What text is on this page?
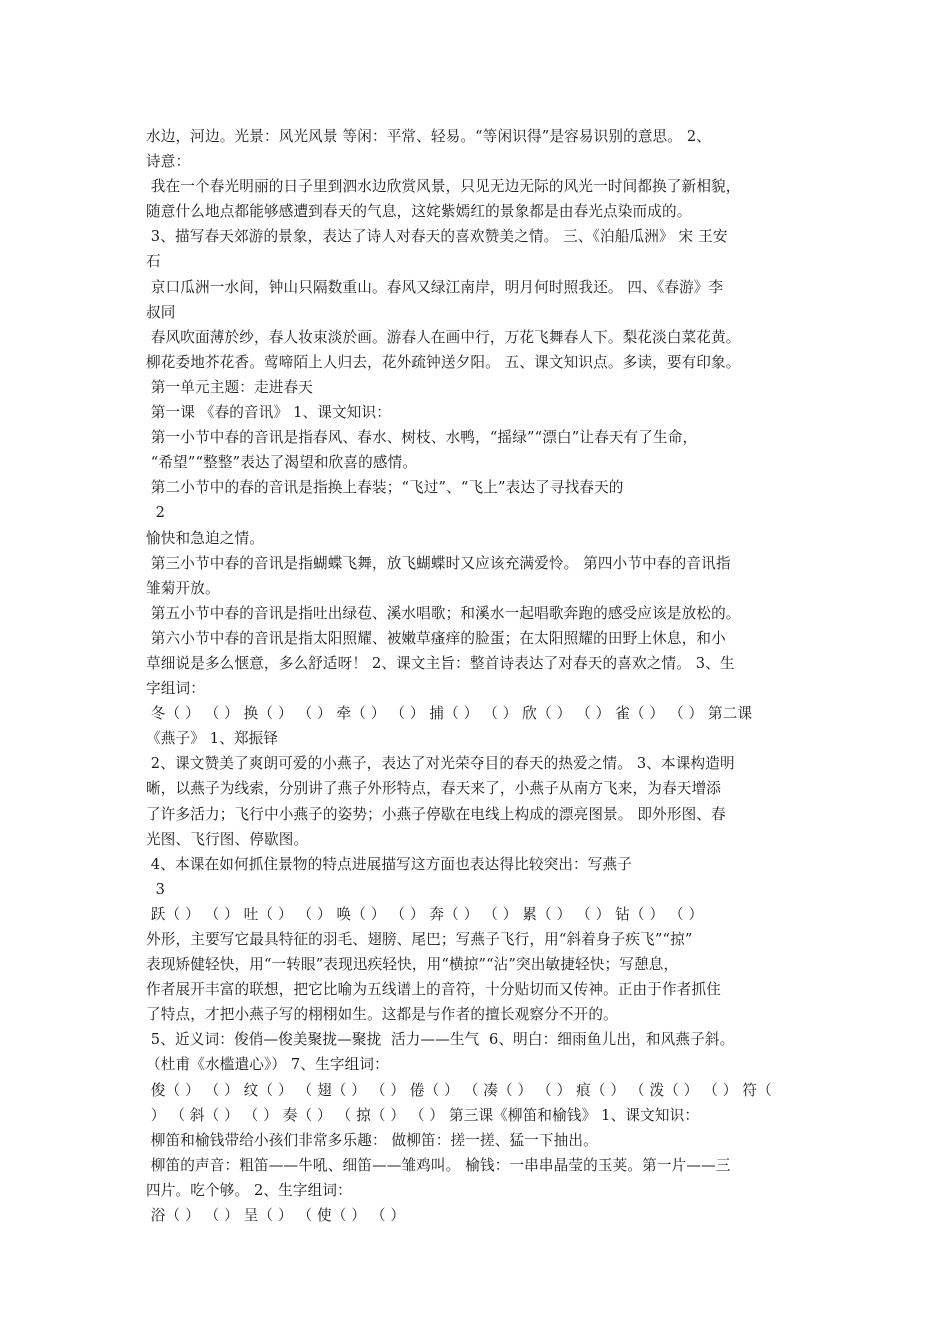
水边，河边。光景：风光风景 等闲：平常、轻易。“等闲识得”是容易识别的意思。 2、
诗意：
我在一个春光明丽的日子里到泗水边欣赏风景，只见无边无际的风光一时间都换了新相貌，
随意什么地点都能够感遭到春天的气息，这姹紫嫣红的景象都是由春光点染而成的。
3、描写春天郊游的景象，表达了诗人对春天的喜欢赞美之情。 三、《泊船瓜洲》 宋 王安
石
京口瓜洲一水间，钟山只隔数重山。春风又绿江南岸，明月何时照我还。 四、《春游》李
叔同
春风吹面薄於纱，春人妆束淡於画。游春人在画中行，万花飞舞春人下。梨花淡白菜花黄。
柳花委地芥花香。莺啼陌上人归去，花外疏钟送夕阳。 五、课文知识点。多读，要有印象。
第一单元主题：走进春天
第一课 《春的音讯》 1、课文知识：
第一小节中春的音讯是指春风、春水、树枝、水鸭，“摇绿”“漂白”让春天有了生命，
“希望”“整整”表达了渴望和欣喜的感情。
第二小节中的春的音讯是指换上春装；“飞过”、“飞上”表达了寻找春天的
2
愉快和急迫之情。
第三小节中春的音讯是指蝴蝶飞舞，放飞蝴蝶时又应该充满爱怜。 第四小节中春的音讯指
雏菊开放。
第五小节中春的音讯是指吐出绿苞、溪水唱歌；和溪水一起唱歌奔跑的感受应该是放松的。
第六小节中春的音讯是指太阳照耀、被嫩草瘙痒的脸蛋；在太阳照耀的田野上休息，和小
草细说是多么惬意，多么舒适呀！ 2、课文主旨：整首诗表达了对春天的喜欢之情。 3、生
字组词：
冬（ ） （ ） 换（ ） （ ） 牵（ ） （ ） 捕（ ） （ ） 欣（ ） （ ） 雀（ ） （ ） 第二课
《燕子》 1、郑振铎
2、课文赞美了爽朗可爱的小燕子，表达了对光荣夺目的春天的热爱之情。 3、本课构造明
晰，以燕子为线索，分别讲了燕子外形特点，春天来了，小燕子从南方飞来，为春天增添
了许多活力；飞行中小燕子的姿势；小燕子停歇在电线上构成的漂亮图景。 即外形图、春
光图、飞行图、停歇图。
4、本课在如何抓住景物的特点进展描写这方面也表达得比较突出：写燕子
3
跃（ ） （ ） 吐（ ） （ ） 唤（ ） （ ） 奔（ ） （ ） 累（ ） （ ） 钻（ ） （ ）
外形，主要写它最具特征的羽毛、翅膀、尾巴；写燕子飞行，用“斜着身子疾飞”“掠”
表现矫健轻快，用“一转眼”表现迅疾轻快，用“横掠”“沾”突出敏捷轻快；写憩息，
作者展开丰富的联想，把它比喻为五线谱上的音符，十分贴切而又传神。正由于作者抓住
了特点，才把小燕子写的栩栩如生。这都是与作者的擅长观察分不开的。
5、近义词：俊俏—俊美聚拢—聚拢  活力——生气  6、明白：细雨鱼儿出，和风燕子斜。
（杜甫《水槛遣心》） 7、生字组词：
俊（ ） （ ） 纹（ ） （ 翅（ ） （ ） 倦（ ） （ 凑（ ） （ ） 痕（ ） （ 泼（ ） （ ） 符（
） （ 斜（ ） （ ） 奏（ ） （ 掠（ ） （ ） 第三课《柳笛和榆钱》 1、课文知识：
柳笛和榆钱带给小孩们非常多乐趣： 做柳笛：搓一搓、猛一下抽出。
柳笛的声音：粗笛——牛吼、细笛——雏鸡叫。 榆钱：一串串晶莹的玉荚。第一片——三
四片。吃个够。 2、生字组词：
浴（ ） （ ） 呈（ ） （ 使（ ） （ ）
